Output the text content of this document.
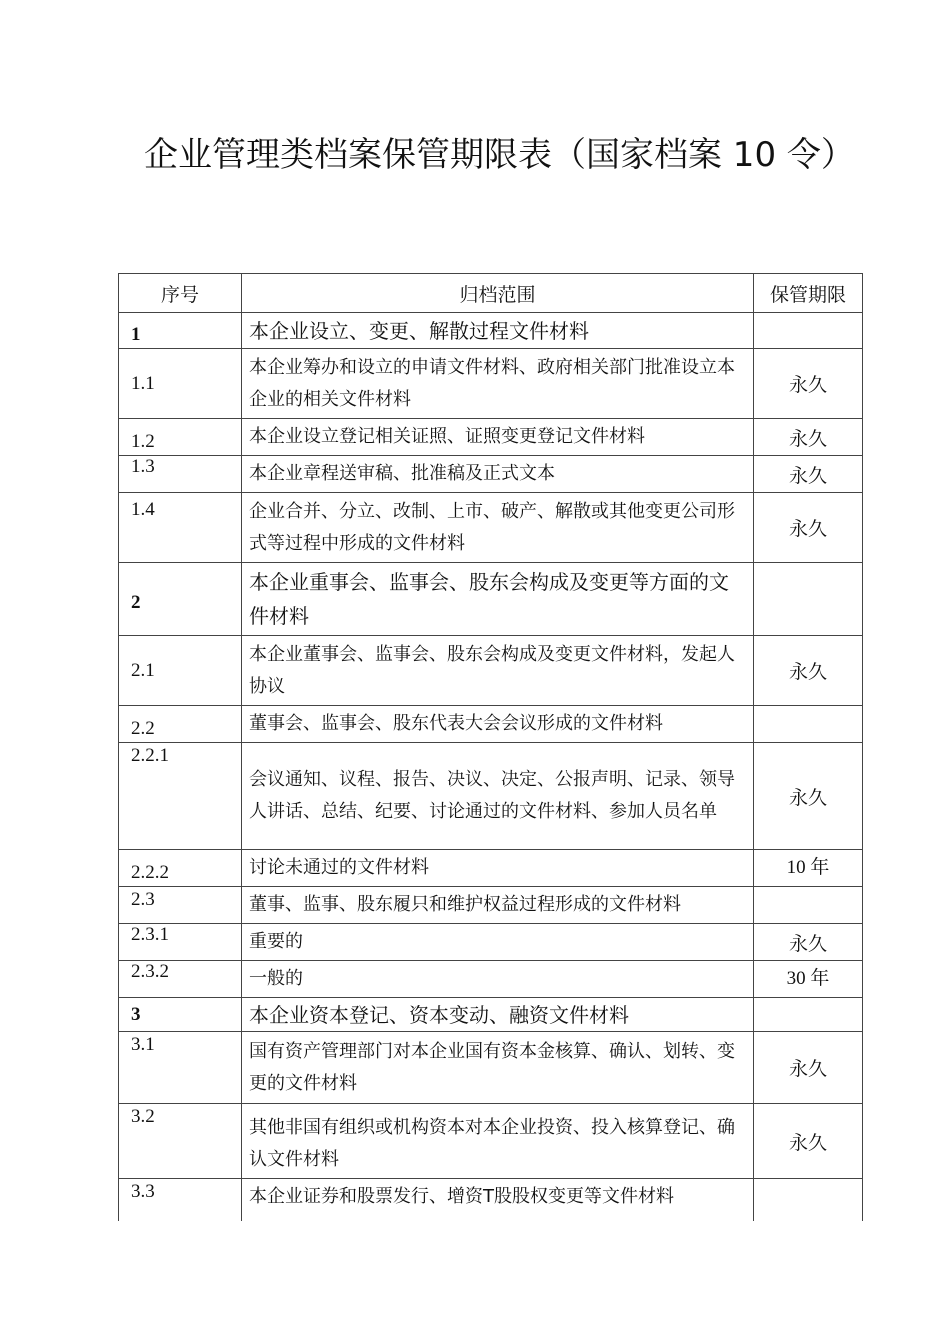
企业管理类档案保管期限表（国家档案 10 令）
序号	归档范围	保管期限
1	本企业设立、变更、解散过程文件材料	
1.1	本企业筹办和设立的申请文件材料、政府相关部门批准设立本企业的相关文件材料	永久
1.2	本企业设立登记相关证照、证照变更登记文件材料	永久
1.3	本企业章程送审稿、批准稿及正式文本	永久
1.4	企业合并、分立、改制、上市、破产、解散或其他变更公司形式等过程中形成的文件材料	永久
2	本企业重事会、监事会、股东会构成及变更等方面的文件材料	
2.1	本企业董事会、监事会、股东会构成及变更文件材料，发起人协议	永久
2.2	董事会、监事会、股东代表大会会议形成的文件材料	
2.2.1	会议通知、议程、报告、决议、决定、公报声明、记录、领导人讲话、总结、纪要、讨论通过的文件材料、参加人员名单	永久
2.2.2	讨论未通过的文件材料	10 年
2.3	董事、监事、股东履只和维护权益过程形成的文件材料	
2.3.1	重要的	永久
2.3.2	一般的	30 年
3	本企业资本登记、资本变动、融资文件材料	
3.1	国有资产管理部门对本企业国有资本金核算、确认、划转、变更的文件材料	永久
3.2	其他非国有组织或机构资本对本企业投资、投入核算登记、确认文件材料	永久
3.3	本企业证券和股票发行、增资T股股权变更等文件材料	
